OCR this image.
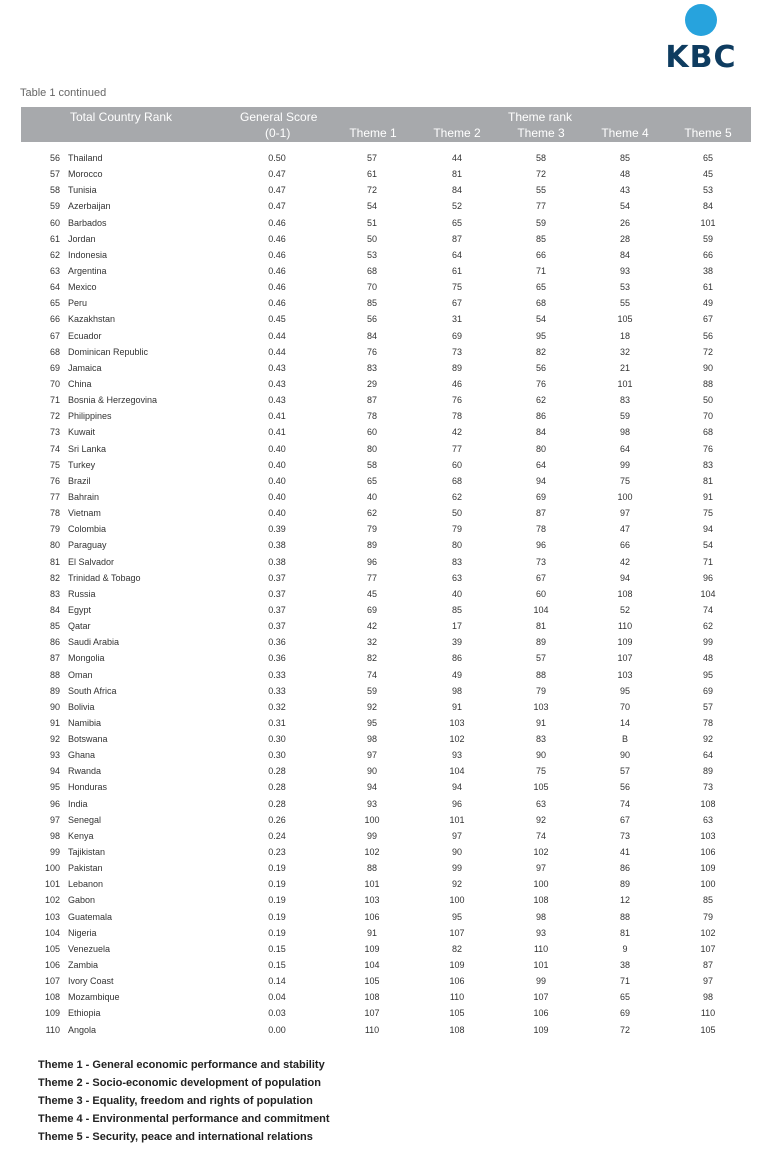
KBC
Table 1 continued
Total Country Rank	General Score
(0-1)
Theme rank
Theme 1	Theme 2	Theme 3	Theme 4	Theme 5
56 Thailand	0.50	57	44	58	85	65
57 Morocco	0.47	61	81	72	48	45
58 Tunisia	0.47	72	84	55	43	53
59 Azerbaijan	0.47	54	52	77	54	84
60 Barbados	0.46	51	65	59	26	101
61 Jordan	0.46	50	87	85	28	59
62 Indonesia	0.46	53	64	66	84	66
63 Argentina	0.46	68	61	71	93	38
64 Mexico	0.46	70	75	65	53	61
65 Peru	0.46	85	67	68	55	49
66 Kazakhstan	0.45	56	31	54	105	67
67 Ecuador	0.44	84	69	95	18	56
68 Dominican Republic	0.44	76	73	82	32	72
69 Jamaica	0.43	83	89	56	21	90
70 China	0.43	29	46	76	101	88
71 Bosnia & Herzegovina	0.43	87	76	62	83	50
72 Philippines	0.41	78	78	86	59	70
73 Kuwait	0.41	60	42	84	98	68
74 Sri Lanka	0.40	80	77	80	64	76
75 Turkey	0.40	58	60	64	99	83
76 Brazil	0.40	65	68	94	75	81
77 Bahrain	0.40	40	62	69	100	91
78 Vietnam	0.40	62	50	87	97	75
79 Colombia	0.39	79	79	78	47	94
80 Paraguay	0.38	89	80	96	66	54
81 El Salvador	0.38	96	83	73	42	71
82 Trinidad & Tobago	0.37	77	63	67	94	96
83 Russia	0.37	45	40	60	108	104
84 Egypt	0.37	69	85	104	52	74
85 Qatar	0.37	42	17	81	110	62
86 Saudi Arabia	0.36	32	39	89	109	99
87 Mongolia	0.36	82	86	57	107	48
88 Oman	0.33	74	49	88	103	95
89 South Africa	0.33	59	98	79	95	69
90 Bolivia	0.32	92	91	103	70	57
91 Namibia	0.31	95	103	91	14	78
92 Botswana	0.30	98	102	83	B	92
93 Ghana	0.30	97	93	90	90	64
94 Rwanda	0.28	90	104	75	57	89
95 Honduras	0.28	94	94	105	56	73
96 India	0.28	93	96	63	74	108
97 Senegal	0.26	100	101	92	67	63
98 Kenya	0.24	99	97	74	73	103
99 Tajikistan	0.23	102	90	102	41	106
100 Pakistan	0.19	88	99	97	86	109
101 Lebanon	0.19	101	92	100	89	100
102 Gabon	0.19	103	100	108	12	85
103 Guatemala	0.19	106	95	98	88	79
104 Nigeria	0.19	91	107	93	81	102
105 Venezuela	0.15	109	82	110	9	107
106 Zambia	0.15	104	109	101	38	87
107 Ivory Coast	0.14	105	106	99	71	97
108 Mozambique	0.04	108	110	107	65	98
109 Ethiopia	0.03	107	105	106	69	110
110 Angola	0.00	110	108	109	72	105
Theme 1 - General economic performance and stability
Theme 2 - Socio-economic development of population
Theme 3 - Equality, freedom and rights of population
Theme 4 - Environmental performance and commitment
Theme 5 - Security, peace and international relations
